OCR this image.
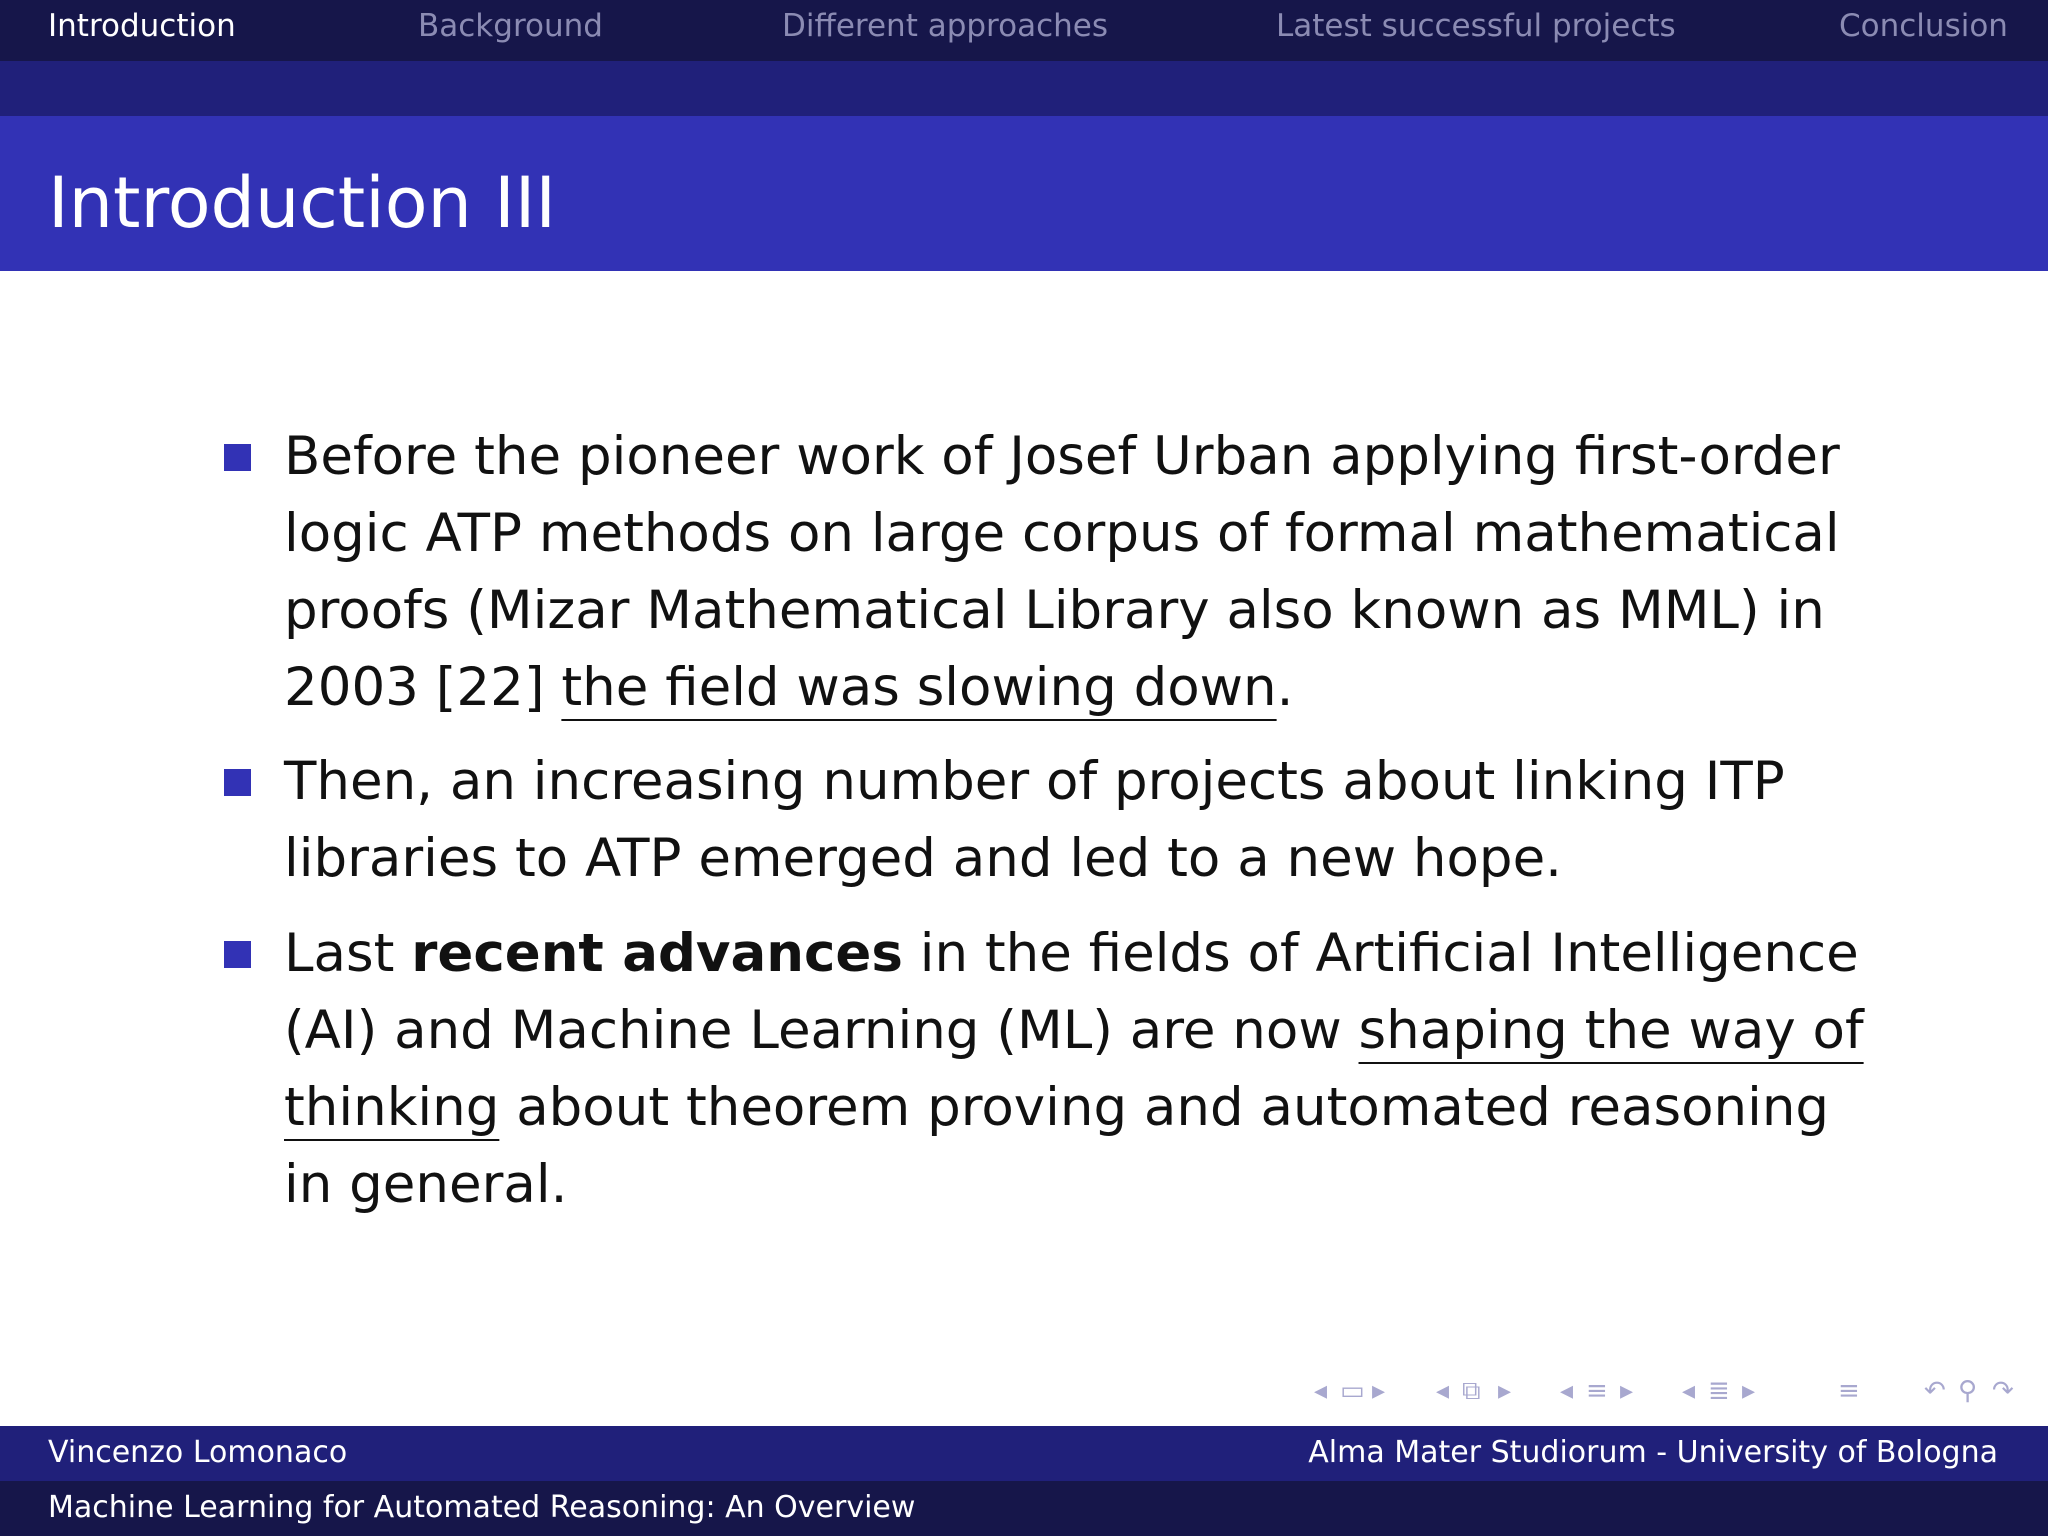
Introduction	Background	Different approaches	Latest successful projects	Conclusion
Introduction III
Before the pioneer work of Josef Urban applying first-order logic ATP methods on large corpus of formal mathematical proofs (Mizar Mathematical Library also known as MML) in 2003 [22] the field was slowing down.
Then, an increasing number of projects about linking ITP libraries to ATP emerged and led to a new hope.
Last recent advances in the fields of Artificial Intelligence (AI) and Machine Learning (ML) are now shaping the way of thinking about theorem proving and automated reasoning in general.
◂ ▭ ▸ ◂ ⧉ ▸ ◂ ≡ ▸ ◂ ≣ ▸	≡ ↶ ⚲ ↷
Vincenzo Lomonaco	Alma Mater Studiorum - University of Bologna
Machine Learning for Automated Reasoning: An Overview
